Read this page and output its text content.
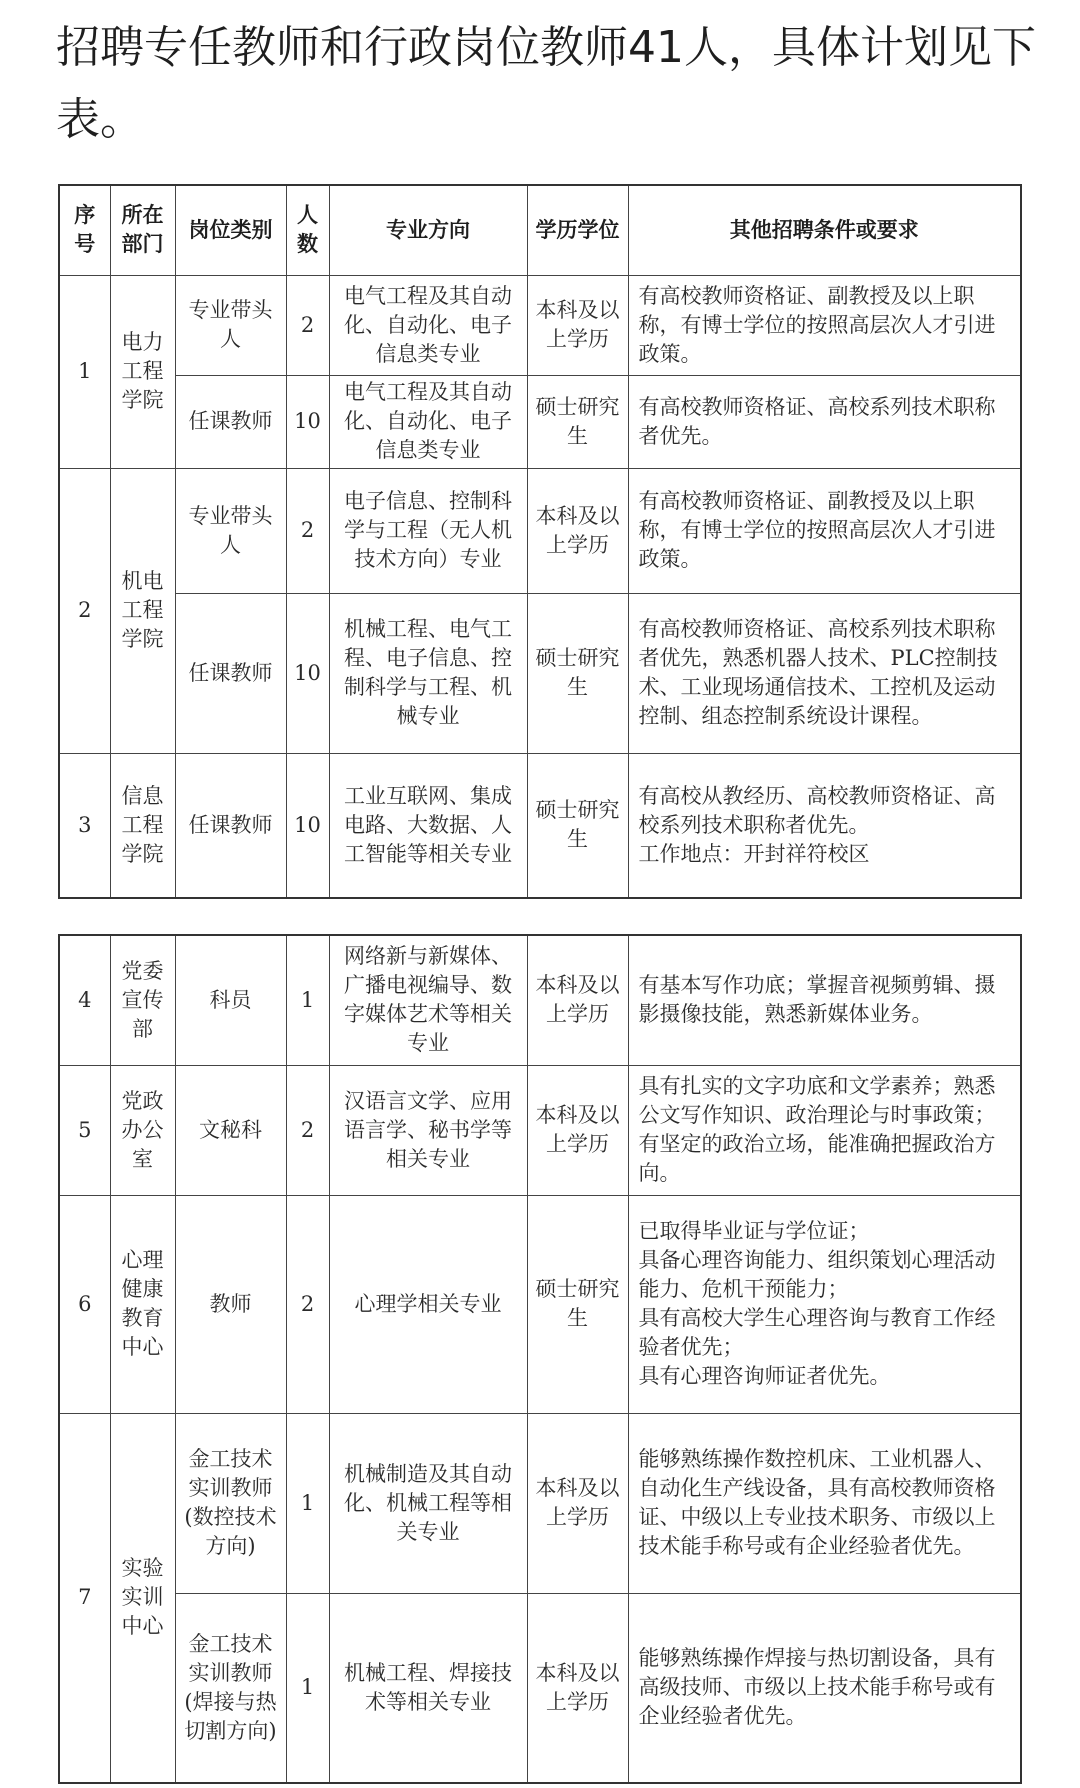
招聘专任教师和行政岗位教师41人，具体计划见下表。

序号	所在部门	岗位类别	人数	专业方向	学历学位	其他招聘条件或要求
1	电力工程学院	专业带头人	2	电气工程及其自动化、自动化、电子信息类专业	本科及以上学历	有高校教师资格证、副教授及以上职称，有博士学位的按照高层次人才引进政策。
		任课教师	10	电气工程及其自动化、自动化、电子信息类专业	硕士研究生	有高校教师资格证、高校系列技术职称者优先。
2	机电工程学院	专业带头人	2	电子信息、控制科学与工程（无人机技术方向）专业	本科及以上学历	有高校教师资格证、副教授及以上职称，有博士学位的按照高层次人才引进政策。
		任课教师	10	机械工程、电气工程、电子信息、控制科学与工程、机械专业	硕士研究生	有高校教师资格证、高校系列技术职称者优先，熟悉机器人技术、PLC控制技术、工业现场通信技术、工控机及运动控制、组态控制系统设计课程。
3	信息工程学院	任课教师	10	工业互联网、集成电路、大数据、人工智能等相关专业	硕士研究生	有高校从教经历、高校教师资格证、高校系列技术职称者优先。
工作地点：开封祥符校区
4	党委宣传部	科员	1	网络新与新媒体、广播电视编导、数字媒体艺术等相关专业	本科及以上学历	有基本写作功底；掌握音视频剪辑、摄影摄像技能，熟悉新媒体业务。
5	党政办公室	文秘科	2	汉语言文学、应用语言学、秘书学等相关专业	本科及以上学历	具有扎实的文字功底和文学素养；熟悉公文写作知识、政治理论与时事政策；有坚定的政治立场，能准确把握政治方向。
6	心理健康教育中心	教师	2	心理学相关专业	硕士研究生	已取得毕业证与学位证；
具备心理咨询能力、组织策划心理活动能力、危机干预能力；
具有高校大学生心理咨询与教育工作经验者优先；
具有心理咨询师证者优先。
7	实验实训中心	金工技术实训教师(数控技术方向)	1	机械制造及其自动化、机械工程等相关专业	本科及以上学历	能够熟练操作数控机床、工业机器人、自动化生产线设备，具有高校教师资格证、中级以上专业技术职务、市级以上技术能手称号或有企业经验者优先。
		金工技术实训教师(焊接与热切割方向)	1	机械工程、焊接技术等相关专业	本科及以上学历	能够熟练操作焊接与热切割设备，具有高级技师、市级以上技术能手称号或有企业经验者优先。
